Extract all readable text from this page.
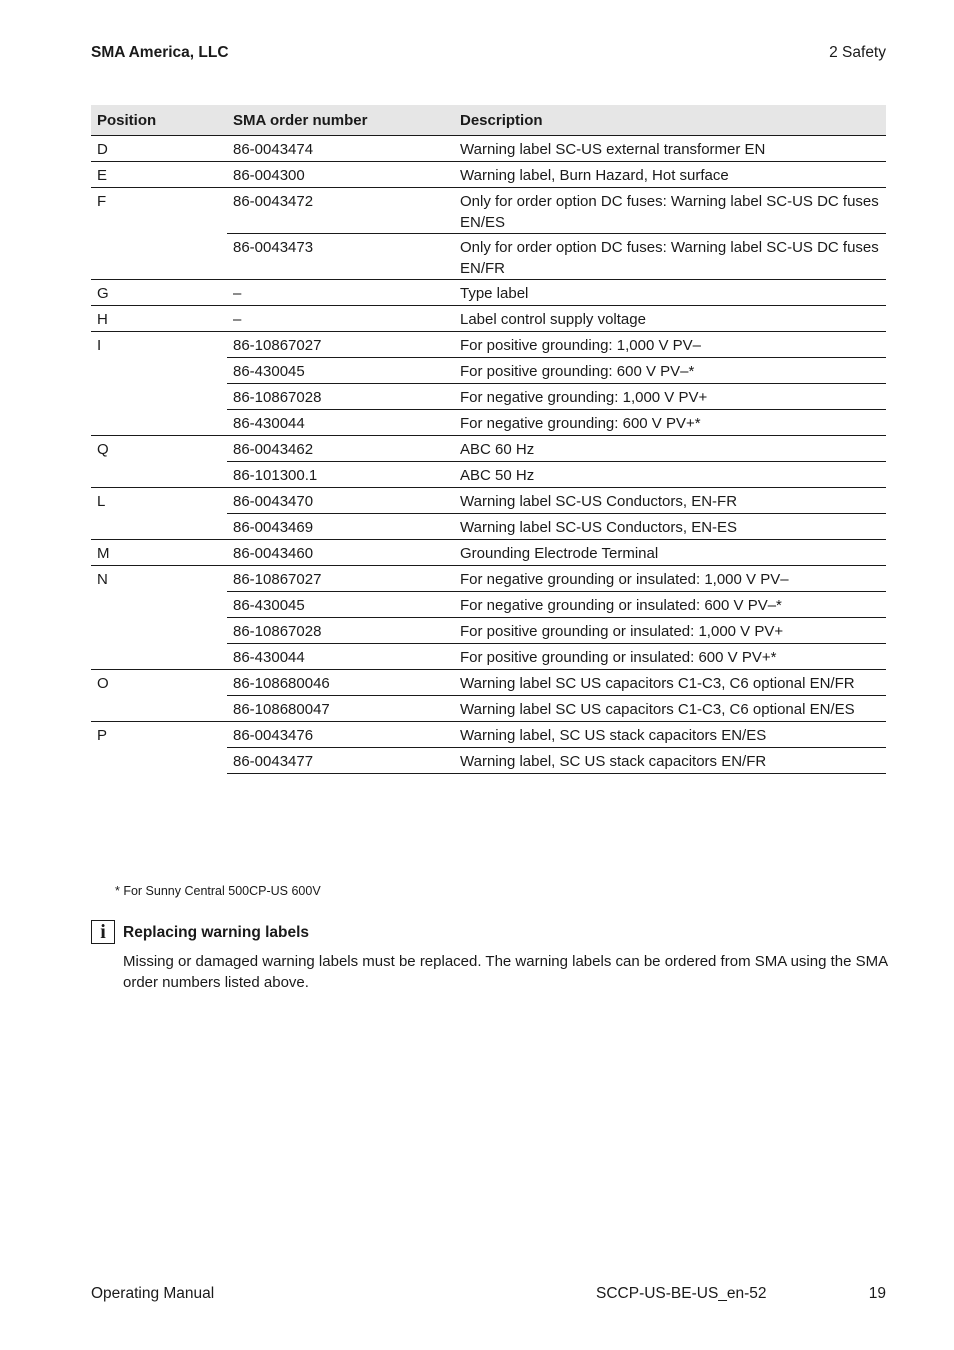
SMA America, LLC	2 Safety
Position	SMA order number	Description
D	86-0043474	Warning label SC-US external transformer EN
E	86-004300	Warning label, Burn Hazard, Hot surface
F	86-0043472	Only for order option DC fuses: Warning label SC-US DC fuses EN/ES
	86-0043473	Only for order option DC fuses: Warning label SC-US DC fuses EN/FR
G	–	Type label
H	–	Label control supply voltage
I	86-10867027	For positive grounding: 1,000 V PV–
	86-430045	For positive grounding: 600 V PV–*
	86-10867028	For negative grounding: 1,000 V PV+
	86-430044	For negative grounding: 600 V PV+*
Q	86-0043462	ABC 60 Hz
	86-101300.1	ABC 50 Hz
L	86-0043470	Warning label SC-US Conductors, EN-FR
	86-0043469	Warning label SC-US Conductors, EN-ES
M	86-0043460	Grounding Electrode Terminal
N	86-10867027	For negative grounding or insulated: 1,000 V PV–
	86-430045	For negative grounding or insulated: 600 V PV–*
	86-10867028	For positive grounding or insulated: 1,000 V PV+
	86-430044	For positive grounding or insulated: 600 V PV+*
O	86-108680046	Warning label SC US capacitors C1-C3, C6 optional EN/FR
	86-108680047	Warning label SC US capacitors C1-C3, C6 optional EN/ES
P	86-0043476	Warning label, SC US stack capacitors EN/ES
	86-0043477	Warning label, SC US stack capacitors EN/FR
* For Sunny Central 500CP-US 600V
i	Replacing warning labels
Missing or damaged warning labels must be replaced. The warning labels can be ordered from SMA using the SMA order numbers listed above.
Operating Manual	SCCP-US-BE-US_en-52	19
